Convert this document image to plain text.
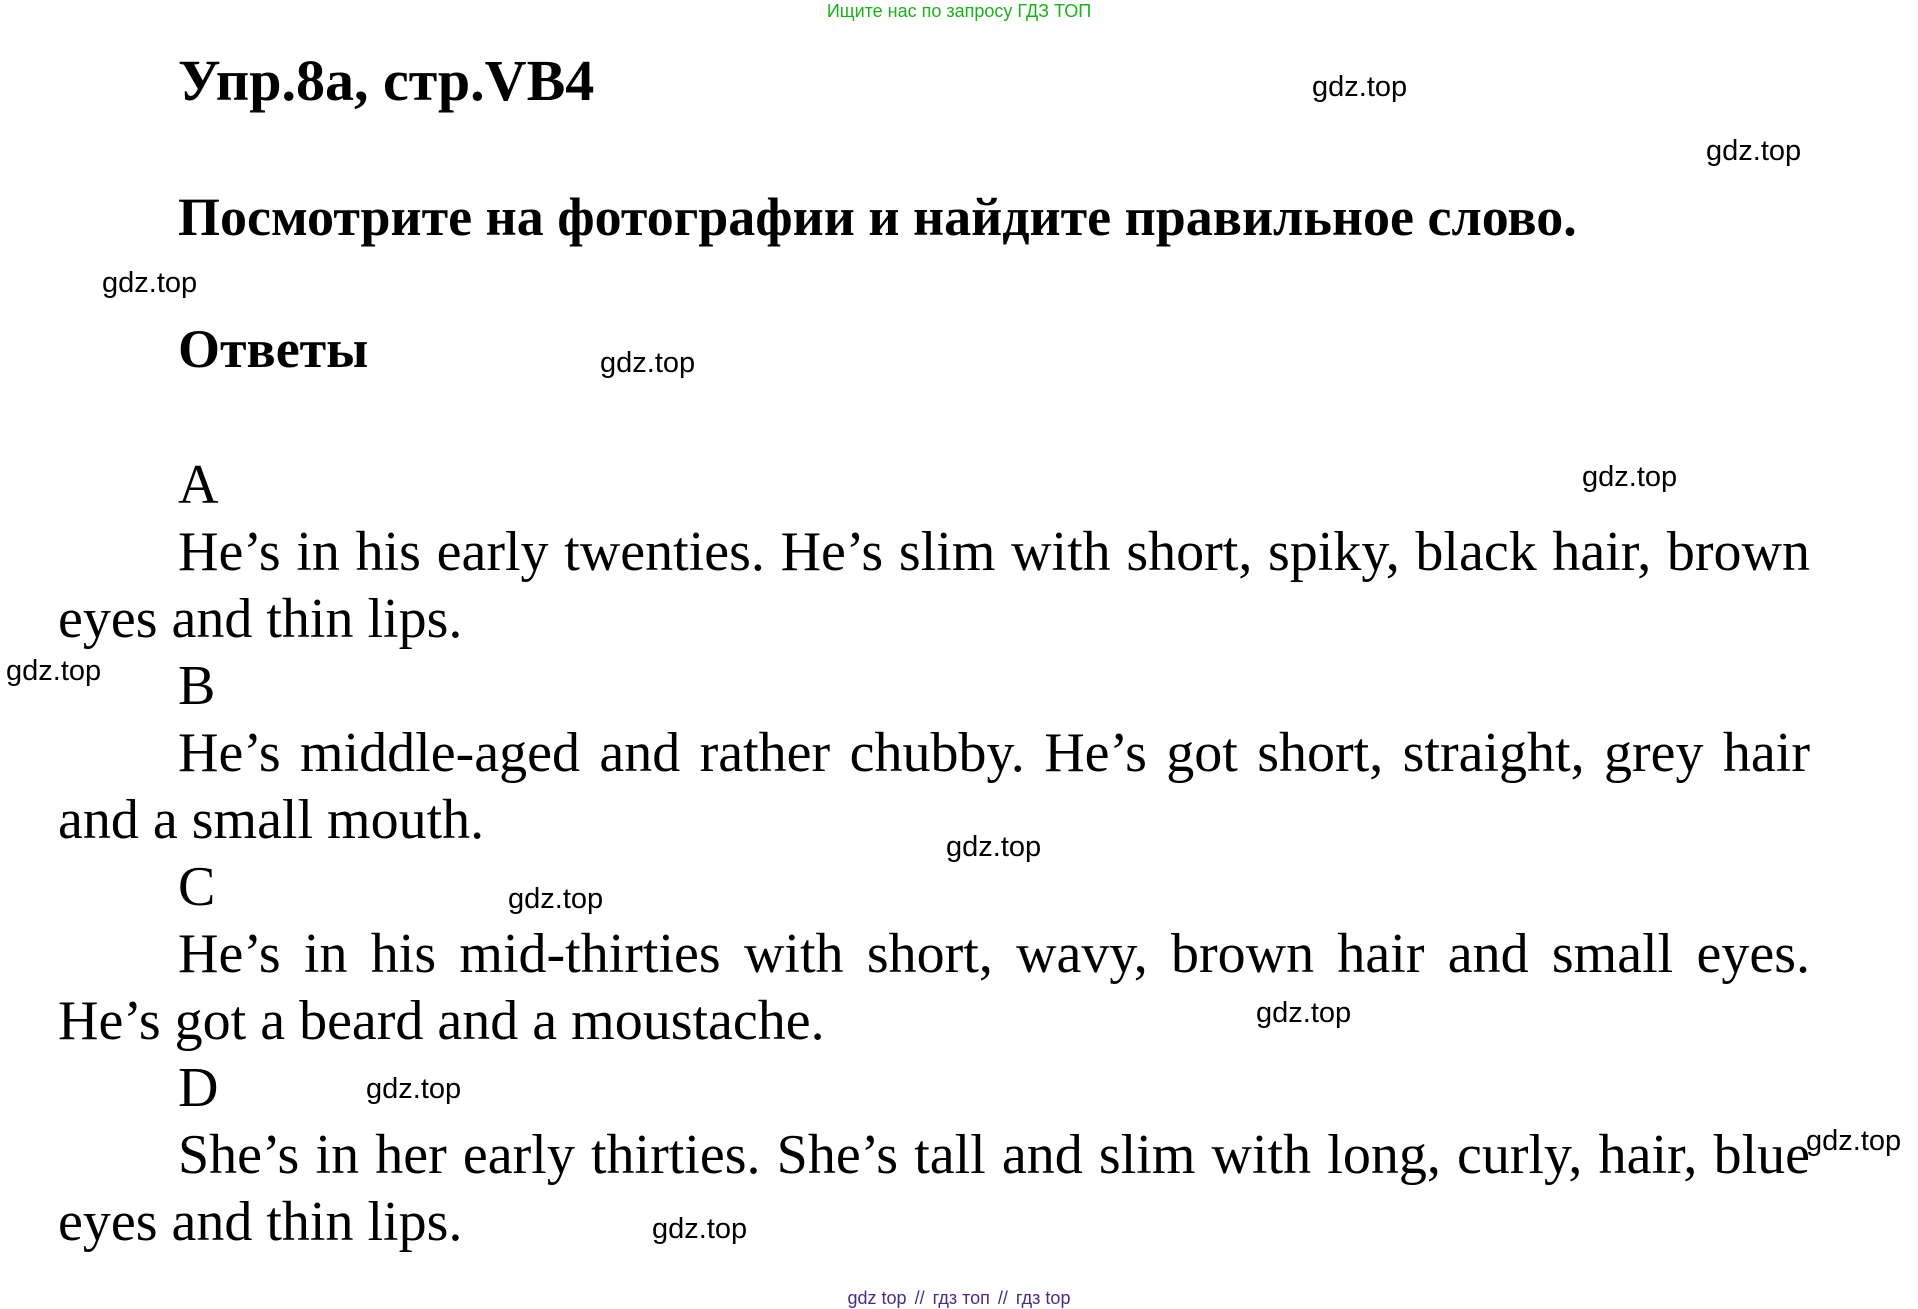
Ищите нас по запросу ГДЗ ТОП
Упр.8а, стр.VB4
Посмотрите на фотографии и найдите правильное слово.
Ответы
A
He’s in his early twenties. He’s slim with short, spiky, black hair, brown eyes and thin lips.
B
He’s middle-aged and rather chubby. He’s got short, straight, grey hair and a small mouth.
C
He’s in his mid-thirties with short, wavy, brown hair and small eyes. He’s got a beard and a moustache.
D
She’s in her early thirties. She’s tall and slim with long, curly, hair, blue eyes and thin lips.
gdz.top
gdz.top
gdz.top
gdz.top
gdz.top
gdz.top
gdz.top
gdz.top
gdz.top
gdz.top
gdz.top
gdz.top
gdz top // гдз топ // гдз top
